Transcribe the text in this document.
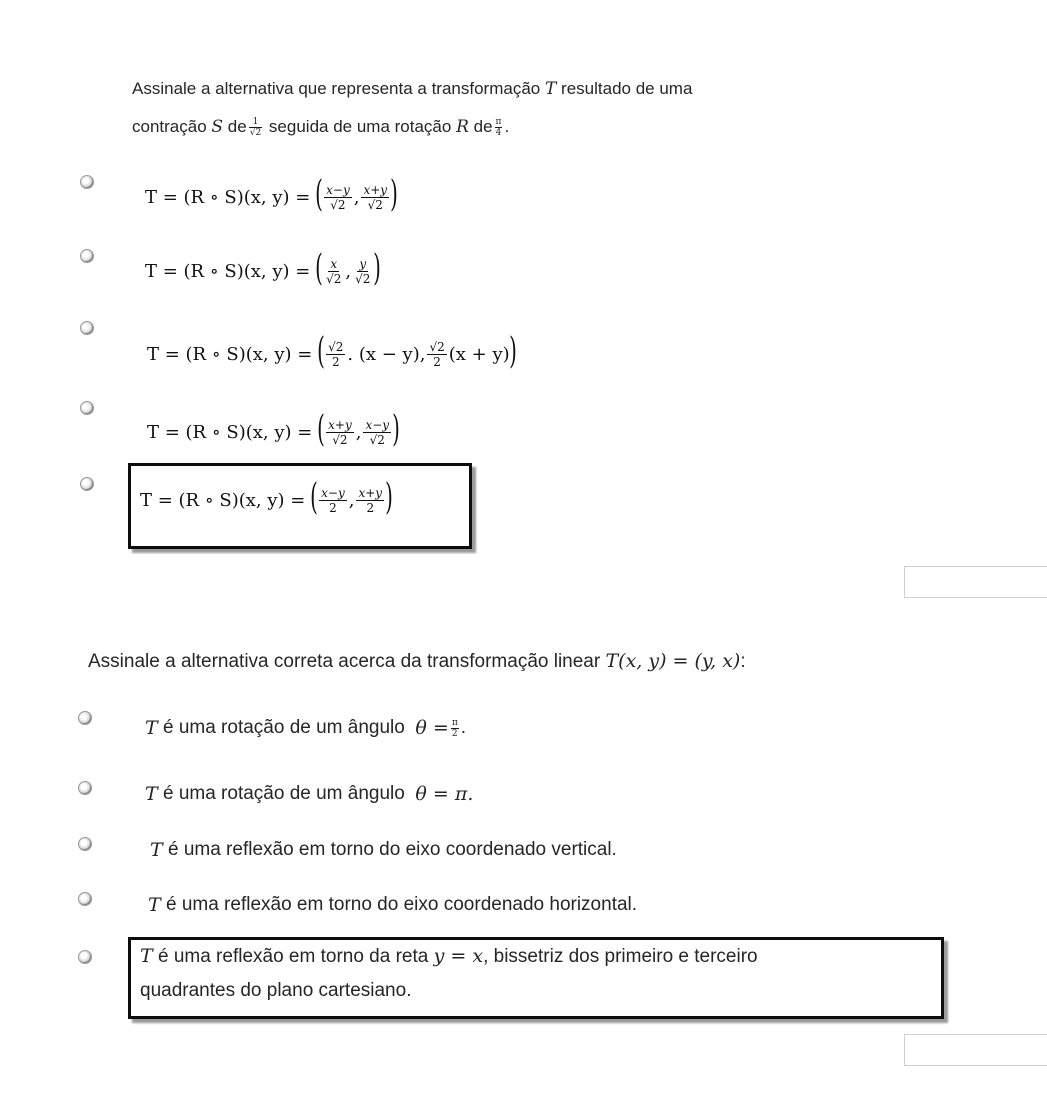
Assinale a alternativa que representa a transformação T resultado de uma
contração S de $\frac{1}{√2}$ seguida de uma rotação R de $\frac{\pi}{4}$ .
T = (R ∘ S)(x, y) =
( $\frac{x-y}{√2}$ , $\frac{x+y}{√2}$ )
T = (R ∘ S)(x, y) =
( $\frac{x}{√2}$ , $\frac{y}{√2}$ )
T = (R ∘ S)(x, y) =
( $\frac{√2}{2}$ . (x − y), $\frac{√2}{2} (x + y)$ )
T = (R ∘ S)(x, y) =
( $\frac{x+y}{√2}$ , $\frac{x-y}{√2}$ )
T = (R ∘ S)(x, y) =
( $\frac{x-y}{2}$ , $\frac{x+y}{2}$ )
Assinale a alternativa correta acerca da transformação linear T(x, y) = (y, x):
T
é uma rotação de um ângulo
$\theta = \frac{\pi}{2}$ .
T
é uma rotação de um ângulo
θ = π.
T
é uma reflexão em torno do eixo coordenado vertical.
T
é uma reflexão em torno do eixo coordenado horizontal.
T é uma reflexão em torno da reta y = x, bissetriz dos primeiro e terceiro
quadrantes do plano cartesiano.
